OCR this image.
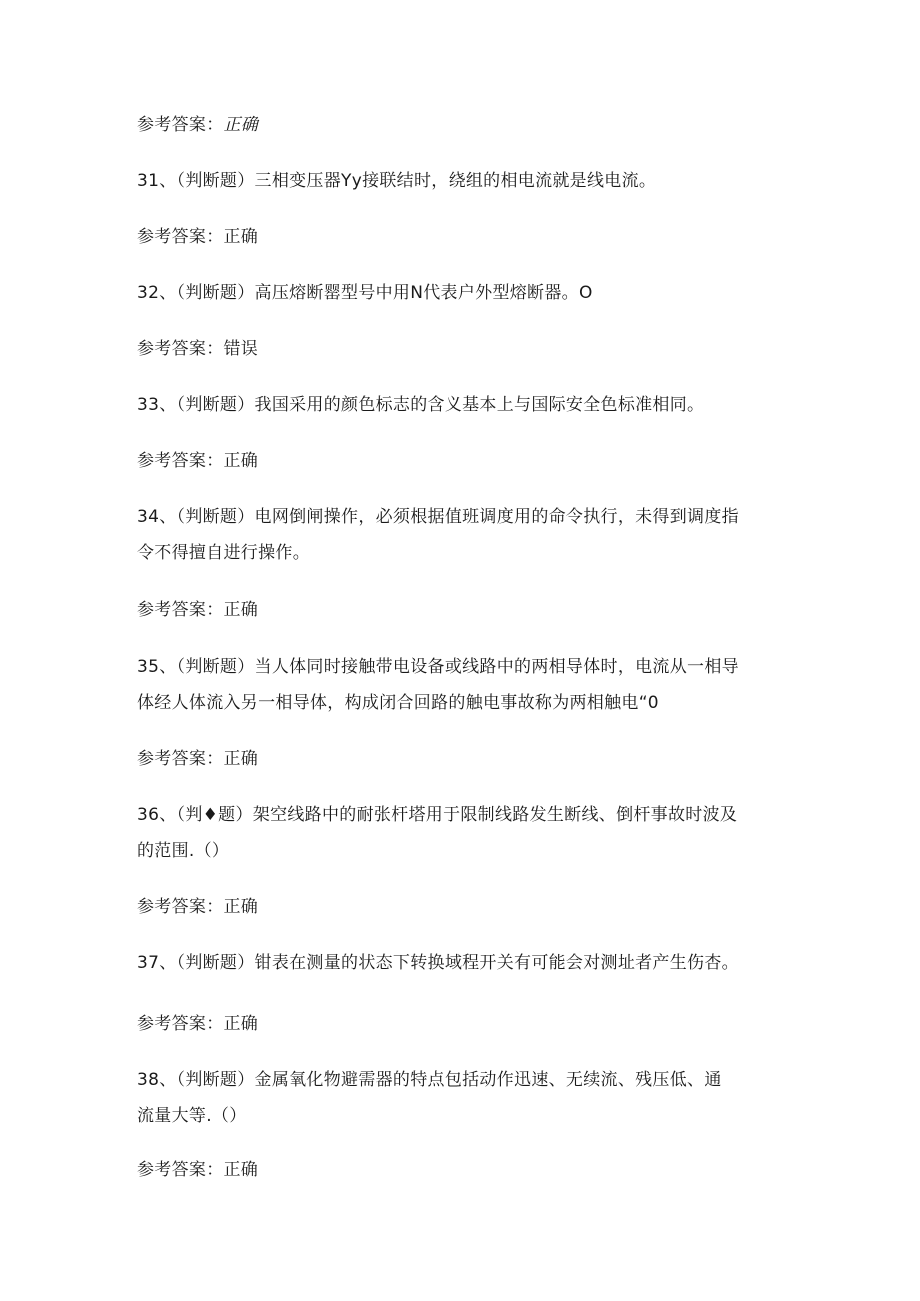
参考答案：正确
31、（判断题）三相变压器Yy接联结时，绕组的相电流就是线电流。
参考答案：正确
32、（判断题）高压熔断罂型号中用N代表户外型熔断器。O
参考答案：错误
33、（判断题）我国采用的颜色标志的含义基本上与国际安全色标准相同。
参考答案：正确
34、（判断题）电网倒闸操作，必须根据值班调度用的命令执行，未得到调度指
令不得擅自进行操作。
参考答案：正确
35、（判断题）当人体同时接触带电设备或线路中的两相导体时，电流从一相导
体经人体流入另一相导体，构成闭合回路的触电事故称为两相触电“0
参考答案：正确
36、（判♦题）架空线路中的耐张杆塔用于限制线路发生断线、倒杆事故时波及
的范围.（）
参考答案：正确
37、（判断题）钳表在测量的状态下转换域程开关有可能会对测址者产生伤杏。
参考答案：正确
38、（判断题）金属氧化物避需器的特点包括动作迅速、无续流、残压低、通
流量大等.（）
参考答案：正确
